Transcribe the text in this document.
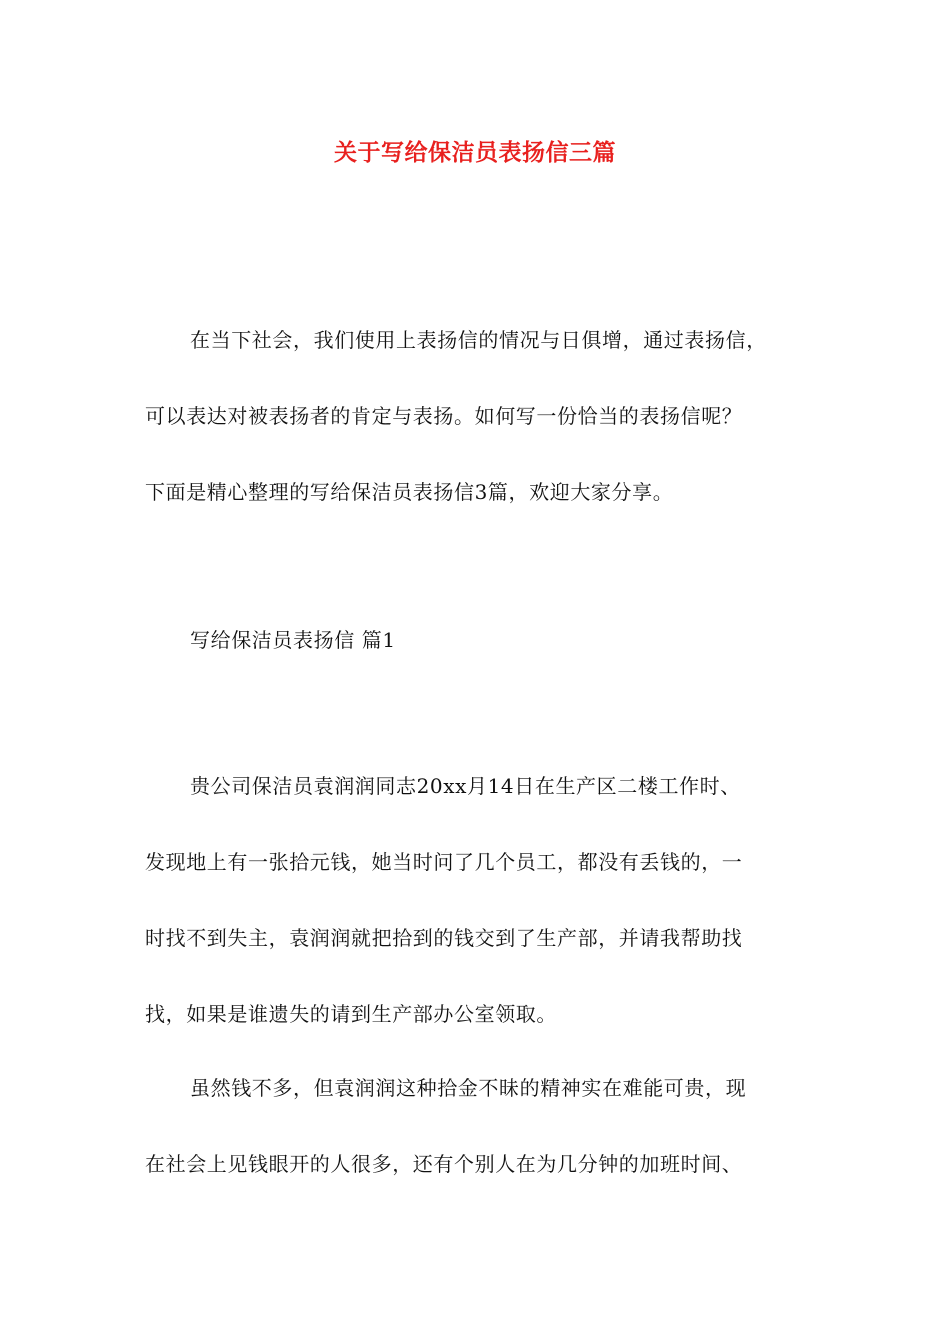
关于写给保洁员表扬信三篇
在当下社会，我们使用上表扬信的情况与日俱增，通过表扬信，
可以表达对被表扬者的肯定与表扬。如何写一份恰当的表扬信呢？
下面是精心整理的写给保洁员表扬信3篇，欢迎大家分享。
写给保洁员表扬信 篇1
贵公司保洁员袁润润同志20xx月14日在生产区二楼工作时、
发现地上有一张拾元钱，她当时问了几个员工，都没有丢钱的，一
时找不到失主，袁润润就把拾到的钱交到了生产部，并请我帮助找
找，如果是谁遗失的请到生产部办公室领取。
虽然钱不多，但袁润润这种拾金不昧的精神实在难能可贵，现
在社会上见钱眼开的人很多，还有个别人在为几分钟的加班时间、
